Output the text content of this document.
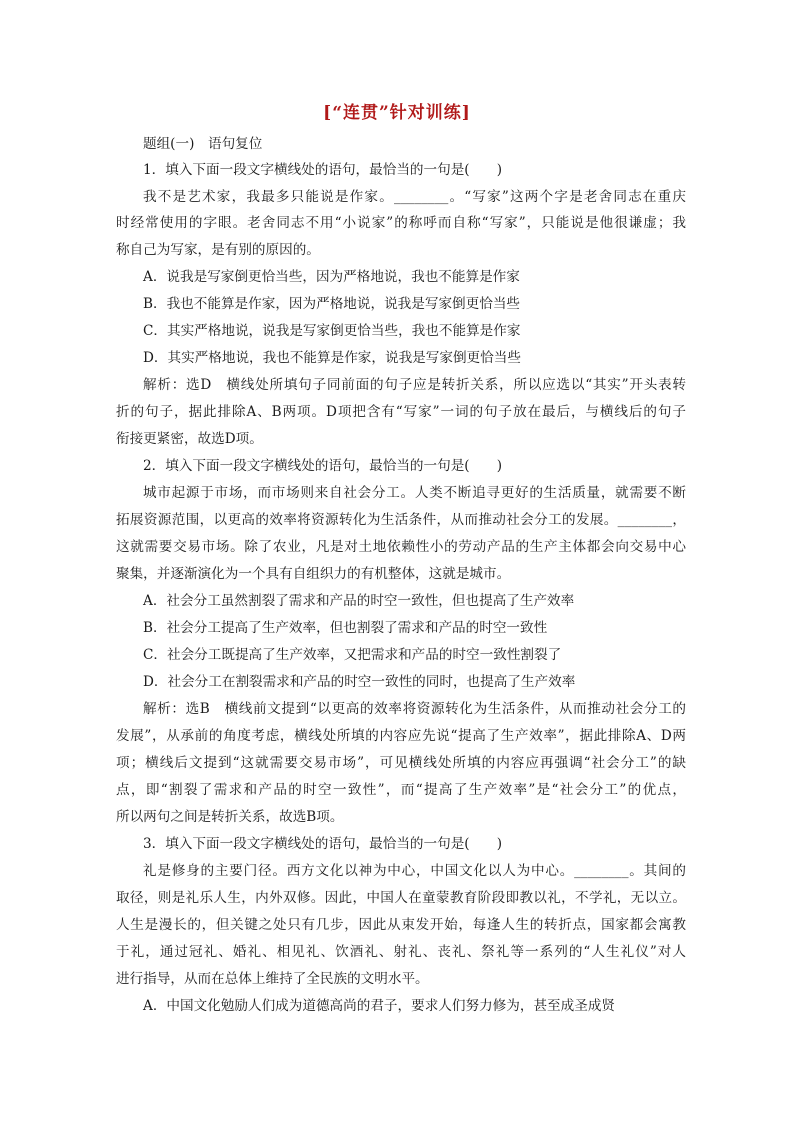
[“连贯”针对训练]
题组(一)　语句复位
1．填入下面一段文字横线处的语句，最恰当的一句是(　　)
我不是艺术家，我最多只能说是作家。________。“写家”这两个字是老舍同志在重庆
时经常使用的字眼。老舍同志不用“小说家”的称呼而自称“写家”，只能说是他很谦虚；我
称自己为写家，是有别的原因的。
A．说我是写家倒更恰当些，因为严格地说，我也不能算是作家
B．我也不能算是作家，因为严格地说，说我是写家倒更恰当些
C．其实严格地说，说我是写家倒更恰当些，我也不能算是作家
D．其实严格地说，我也不能算是作家，说我是写家倒更恰当些
解析：选D　横线处所填句子同前面的句子应是转折关系，所以应选以“其实”开头表转
折的句子，据此排除A、B两项。D项把含有“写家”一词的句子放在最后，与横线后的句子
衔接更紧密，故选D项。
2．填入下面一段文字横线处的语句，最恰当的一句是(　　)
城市起源于市场，而市场则来自社会分工。人类不断追寻更好的生活质量，就需要不断
拓展资源范围，以更高的效率将资源转化为生活条件，从而推动社会分工的发展。________，
这就需要交易市场。除了农业，凡是对土地依赖性小的劳动产品的生产主体都会向交易中心
聚集，并逐渐演化为一个具有自组织力的有机整体，这就是城市。
A．社会分工虽然割裂了需求和产品的时空一致性，但也提高了生产效率
B．社会分工提高了生产效率，但也割裂了需求和产品的时空一致性
C．社会分工既提高了生产效率，又把需求和产品的时空一致性割裂了
D．社会分工在割裂需求和产品的时空一致性的同时，也提高了生产效率
解析：选B　横线前文提到“以更高的效率将资源转化为生活条件，从而推动社会分工的
发展”，从承前的角度考虑，横线处所填的内容应先说“提高了生产效率”，据此排除A、D两
项；横线后文提到“这就需要交易市场”，可见横线处所填的内容应再强调“社会分工”的缺
点，即“割裂了需求和产品的时空一致性”，而“提高了生产效率”是“社会分工”的优点，
所以两句之间是转折关系，故选B项。
3．填入下面一段文字横线处的语句，最恰当的一句是(　　)
礼是修身的主要门径。西方文化以神为中心，中国文化以人为中心。________。其间的
取径，则是礼乐人生，内外双修。因此，中国人在童蒙教育阶段即教以礼，不学礼，无以立。
人生是漫长的，但关键之处只有几步，因此从束发开始，每逢人生的转折点，国家都会寓教
于礼，通过冠礼、婚礼、相见礼、饮酒礼、射礼、丧礼、祭礼等一系列的“人生礼仪”对人
进行指导，从而在总体上维持了全民族的文明水平。
A．中国文化勉励人们成为道德高尚的君子，要求人们努力修为，甚至成圣成贤
